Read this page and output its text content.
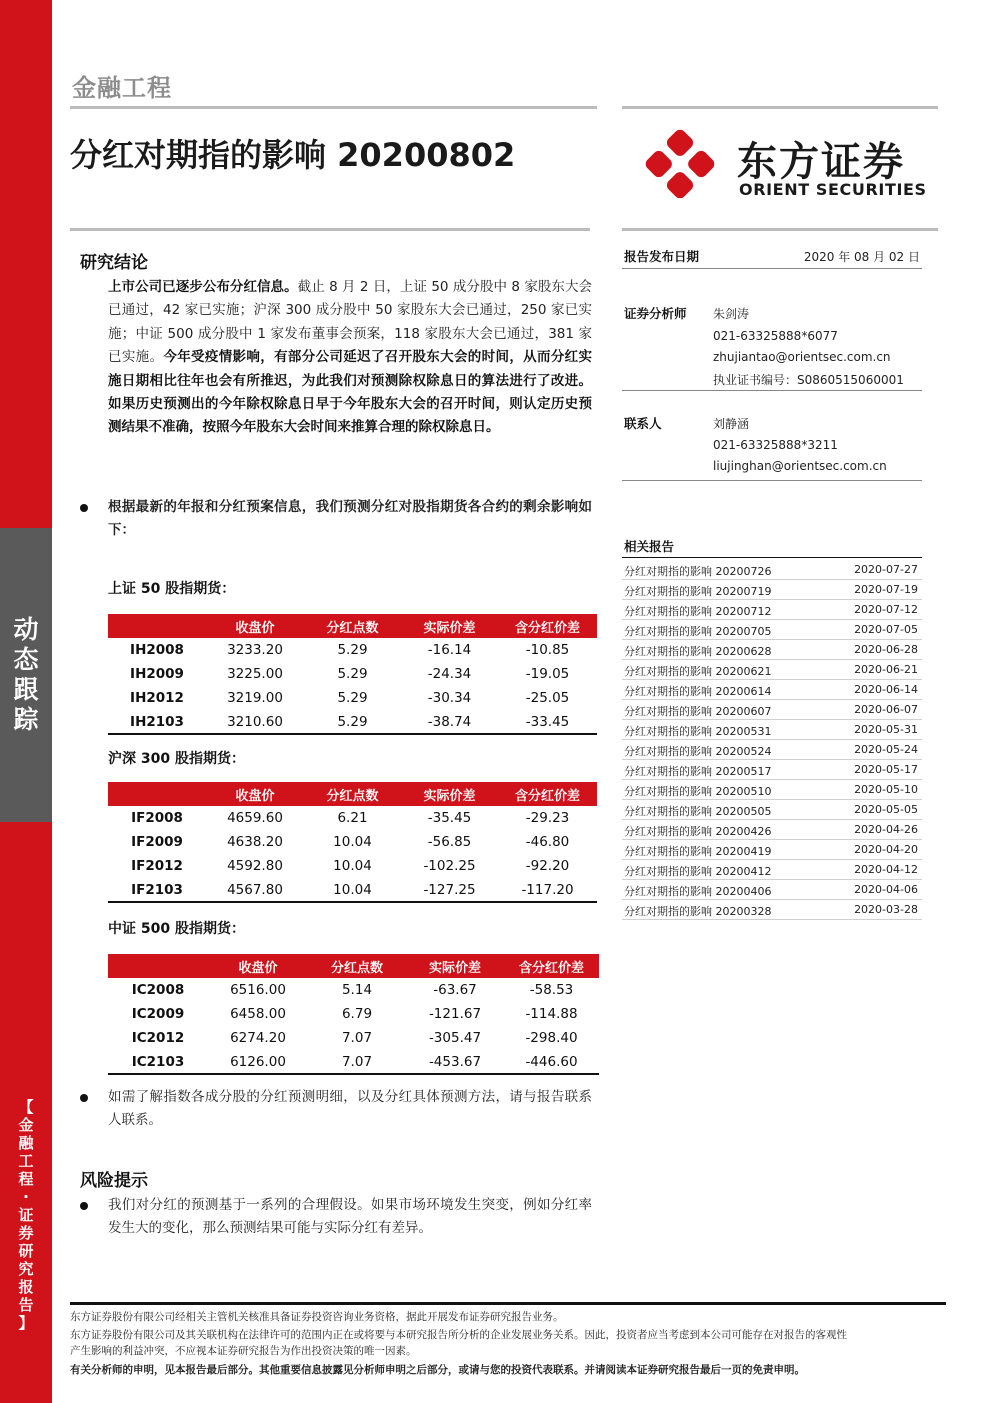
动
态
跟
踪
【
金
融
工
程
·
证
券
研
究
报
告
】
金融工程
分红对期指的影响 20200802	东方证券
ORIENT SECURITIES
研究结论
上市公司已逐步公布分红信息。截止 8 月 2 日，上证 50 成分股中 8 家股东大会已通过，42 家已实施；沪深 300 成分股中 50 家股东大会已通过，250 家已实施；中证 500 成分股中 1 家发布董事会预案，118 家股东大会已通过，381 家已实施。今年受疫情影响，有部分公司延迟了召开股东大会的时间，从而分红实施日期相比往年也会有所推迟，为此我们对预测除权除息日的算法进行了改进。如果历史预测出的今年除权除息日早于今年股东大会的召开时间，则认定历史预测结果不准确，按照今年股东大会时间来推算合理的除权除息日。
根据最新的年报和分红预案信息，我们预测分红对股指期货各合约的剩余影响如下：
上证 50 股指期货：
	收盘价	分红点数	实际价差	含分红价差
IH2008	3233.20	5.29	-16.14	-10.85
IH2009	3225.00	5.29	-24.34	-19.05
IH2012	3219.00	5.29	-30.34	-25.05
IH2103	3210.60	5.29	-38.74	-33.45
沪深 300 股指期货：
	收盘价	分红点数	实际价差	含分红价差
IF2008	4659.60	6.21	-35.45	-29.23
IF2009	4638.20	10.04	-56.85	-46.80
IF2012	4592.80	10.04	-102.25	-92.20
IF2103	4567.80	10.04	-127.25	-117.20
中证 500 股指期货：
	收盘价	分红点数	实际价差	含分红价差
IC2008	6516.00	5.14	-63.67	-58.53
IC2009	6458.00	6.79	-121.67	-114.88
IC2012	6274.20	7.07	-305.47	-298.40
IC2103	6126.00	7.07	-453.67	-446.60
如需了解指数各成分股的分红预测明细，以及分红具体预测方法，请与报告联系人联系。
风险提示
我们对分红的预测基于一系列的合理假设。如果市场环境发生突变，例如分红率发生大的变化，那么预测结果可能与实际分红有差异。
报告发布日期	2020 年 08 月 02 日
证券分析师 朱剑涛
021-63325888*6077
zhujiantao@orientsec.com.cn
执业证书编号：S0860515060001
联系人	刘静涵
021-63325888*3211
liujinghan@orientsec.com.cn
相关报告
分红对期指的影响 20200726	2020-07-27
分红对期指的影响 20200719	2020-07-19
分红对期指的影响 20200712	2020-07-12
分红对期指的影响 20200705	2020-07-05
分红对期指的影响 20200628	2020-06-28
分红对期指的影响 20200621	2020-06-21
分红对期指的影响 20200614	2020-06-14
分红对期指的影响 20200607	2020-06-07
分红对期指的影响 20200531	2020-05-31
分红对期指的影响 20200524	2020-05-24
分红对期指的影响 20200517	2020-05-17
分红对期指的影响 20200510	2020-05-10
分红对期指的影响 20200505	2020-05-05
分红对期指的影响 20200426	2020-04-26
分红对期指的影响 20200419	2020-04-20
分红对期指的影响 20200412	2020-04-12
分红对期指的影响 20200406	2020-04-06
分红对期指的影响 20200328	2020-03-28
东方证券股份有限公司经相关主管机关核准具备证券投资咨询业务资格，据此开展发布证券研究报告业务。
东方证券股份有限公司及其关联机构在法律许可的范围内正在或将要与本研究报告所分析的企业发展业务关系。因此，投资者应当考虑到本公司可能存在对报告的客观性
产生影响的利益冲突，不应视本证券研究报告为作出投资决策的唯一因素。
有关分析师的申明，见本报告最后部分。其他重要信息披露见分析师申明之后部分，或请与您的投资代表联系。并请阅读本证券研究报告最后一页的免责申明。
